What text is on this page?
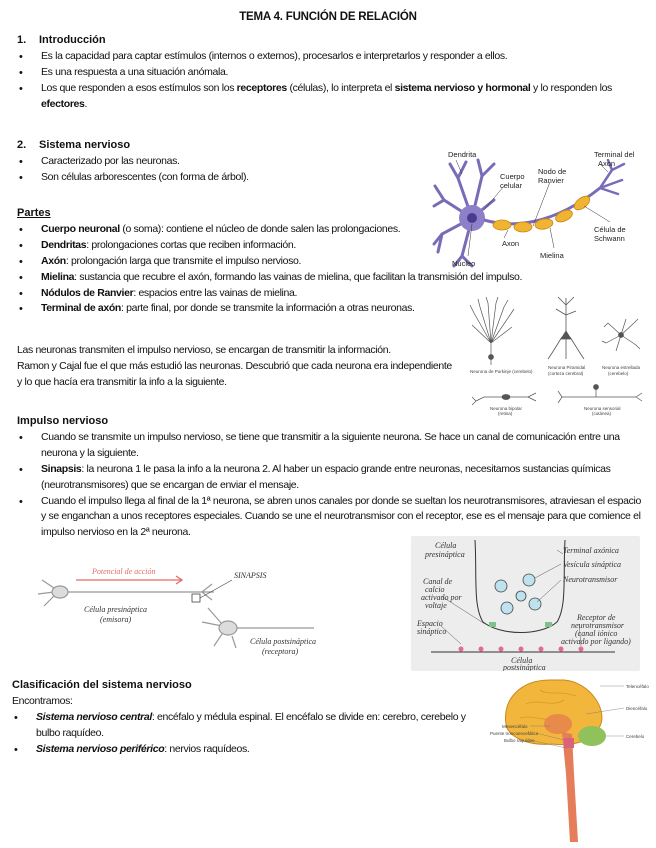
TEMA 4. FUNCIÓN DE RELACIÓN
1. Introducción
• Es la capacidad para captar estímulos (internos o externos), procesarlos e interpretarlos y responder a ellos.
• Es una respuesta a una situación anómala.
• Los que responden a esos estímulos son los receptores (células), lo interpreta el sistema nervioso y hormonal y lo responden los efectores.
2. Sistema nervioso
• Caracterizado por las neuronas.
• Son células arborescentes (con forma de árbol).
Partes
• Cuerpo neuronal (o soma): contiene el núcleo de donde salen las prolongaciones.
• Dendritas: prolongaciones cortas que reciben información.
• Axón: prolongación larga que transmite el impulso nervioso.
• Mielina: sustancia que recubre el axón, formando las vainas de mielina, que facilitan la transmisión del impulso.
• Nódulos de Ranvier: espacios entre las vainas de mielina.
• Terminal de axón: parte final, por donde se transmite la información a otras neuronas.
Las neuronas transmiten el impulso nervioso, se encargan de transmitir la información.
Ramon y Cajal fue el que más estudió las neuronas. Descubrió que cada neurona era independiente y lo que hacía era transmitir la info a la siguiente.
Impulso nervioso
• Cuando se transmite un impulso nervioso, se tiene que transmitir a la siguiente neurona. Se hace un canal de comunicación entre una neurona y la siguiente.
• Sinapsis: la neurona 1 le pasa la info a la neurona 2. Al haber un espacio grande entre neuronas, necesitamos sustancias químicas (neurotransmisores) que se encargan de enviar el mensaje.
• Cuando el impulso llega al final de la 1ª neurona, se abren unos canales por donde se sueltan los neurotransmisores, atraviesan el espacio y se enganchan a unos receptores especiales. Cuando se une el neurotransmisor con el receptor, ese es el mensaje para que comience el impulso nervioso en la 2ª neurona.
Clasificación del sistema nervioso
Encontramos:
• Sistema nervioso central: encéfalo y médula espinal. El encéfalo se divide en: cerebro, cerebelo y bulbo raquídeo.
• Sistema nervioso periférico: nervios raquídeos.
Dendrita
Cuerpo
celular
Nodo de
Ranvier
Terminal del
Axon
Axon
Célula de
Schwann
Núcleo
Mielina
Neurona de Purkinje (cerebelo)
Neurona Piramidal
(corteza cerebral)
Neurona estrellada
(cerebelo)
Neurona bipolar
(retina)
Neurona sensorial
(cutánea)
Potencial de acción	SINAPSIS
Célula presináptica
(emisora)
Célula postsináptica
(receptora)
Célula
presináptica	Terminal axónica
Vesícula sináptica
Neurotransmisor
Canal de
calcio
activado por
voltaje
Espacio
sináptico
Receptor de
neurotransmisor
(canal iónico
activado por ligando)
Célula
postsináptica
Telencéfalo
Diencéfalo
Cerebelo
Mesencéfalo
Puente troncoencefálico
Bulbo raquídeo
